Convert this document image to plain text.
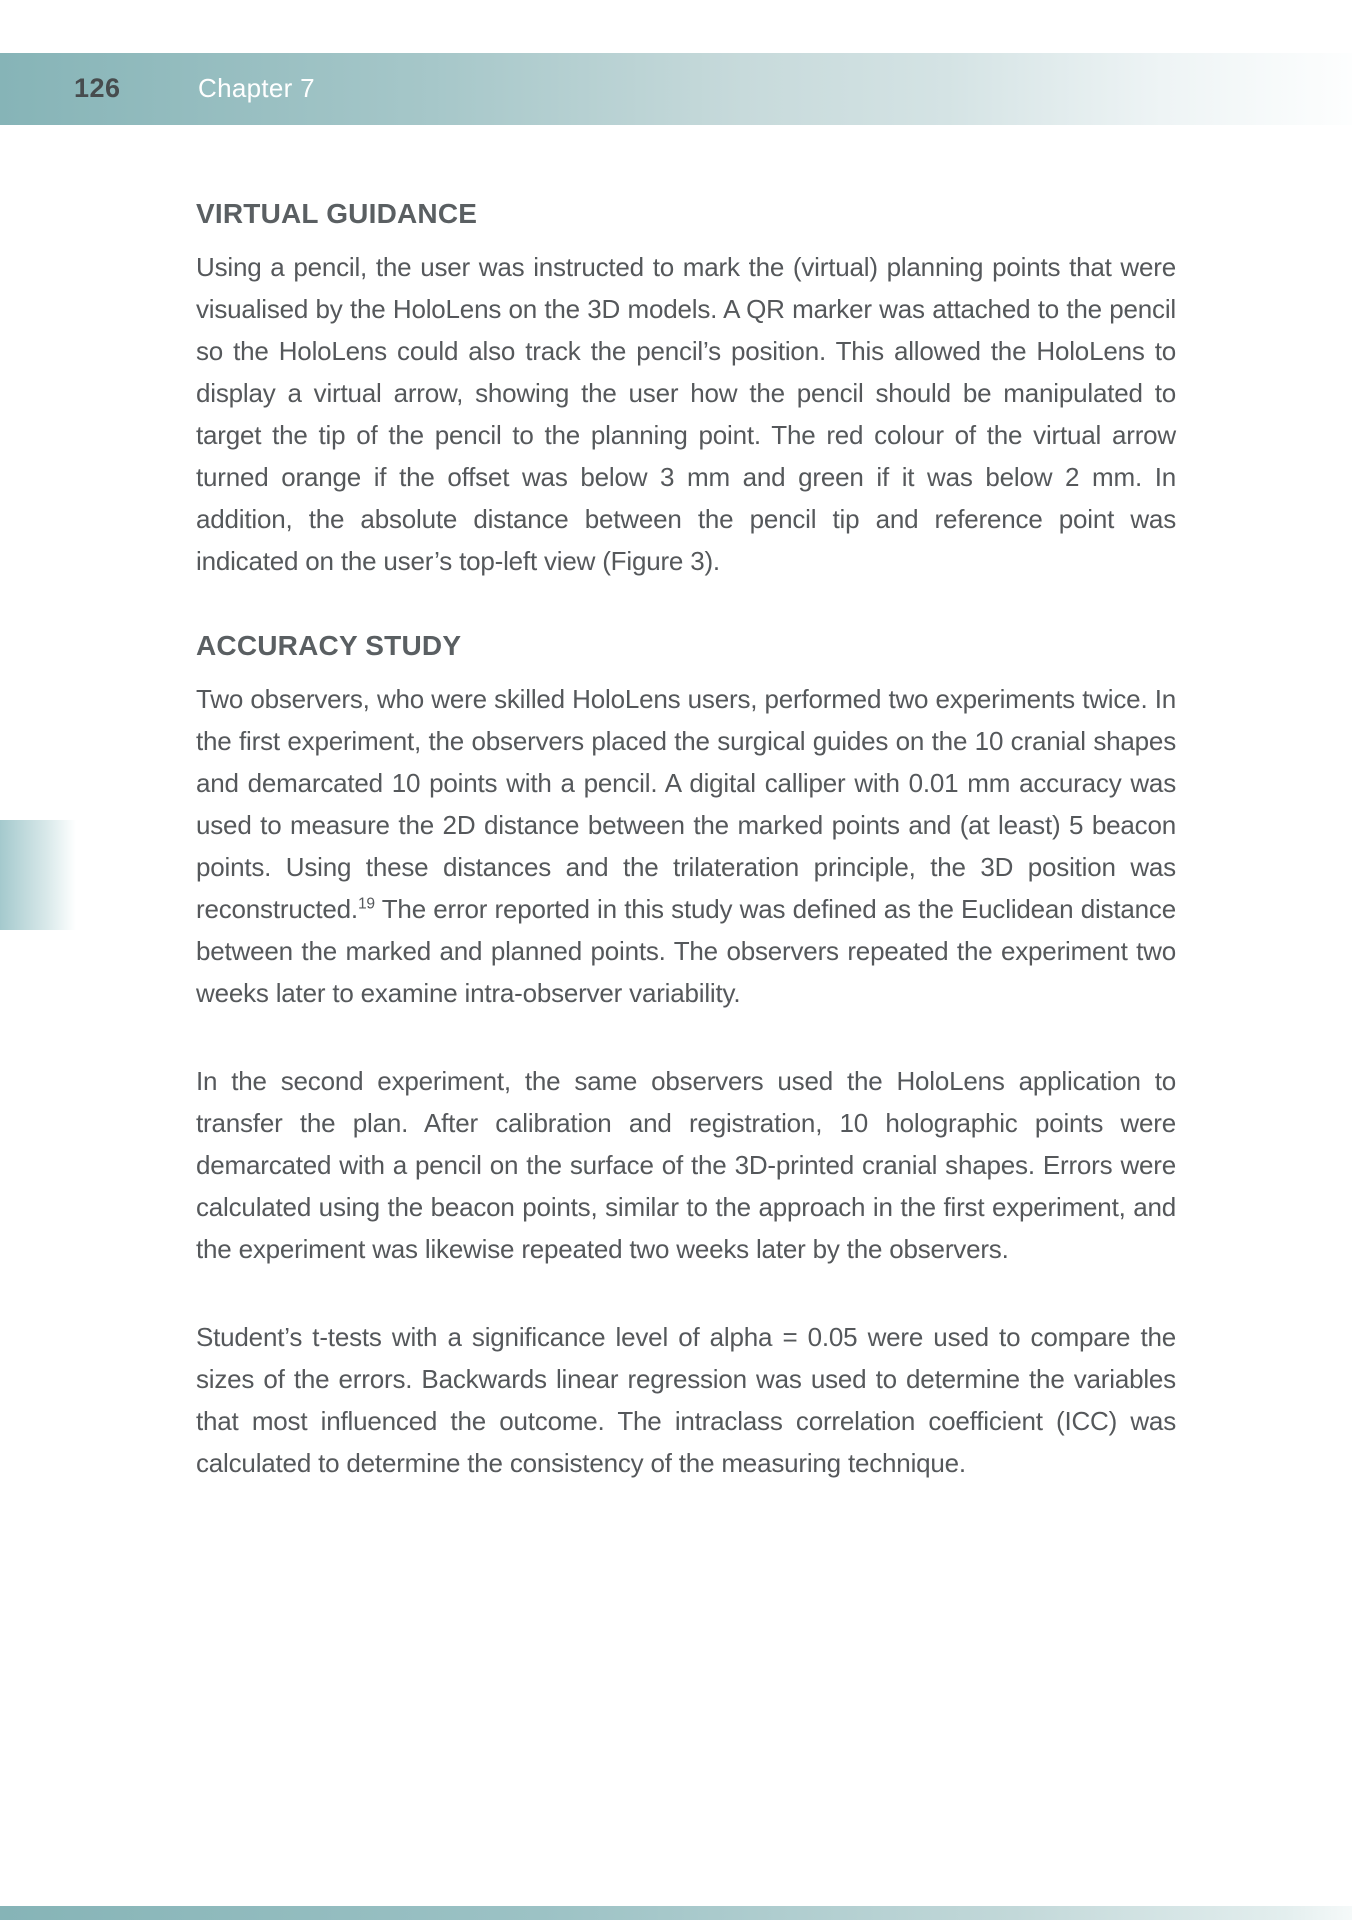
126	Chapter 7
VIRTUAL GUIDANCE

Using a pencil, the user was instructed to mark the (virtual) planning points that were visualised by the HoloLens on the 3D models. A QR marker was attached to the pencil so the HoloLens could also track the pencil’s position. This allowed the HoloLens to display a virtual arrow, showing the user how the pencil should be manipulated to target the tip of the pencil to the planning point. The red colour of the virtual arrow turned orange if the offset was below 3 mm and green if it was below 2 mm. In addition, the absolute distance between the pencil tip and reference point was indicated on the user’s top-left view (Figure 3).

ACCURACY STUDY

Two observers, who were skilled HoloLens users, performed two experiments twice. In the first experiment, the observers placed the surgical guides on the 10 cranial shapes and demarcated 10 points with a pencil. A digital calliper with 0.01 mm accuracy was used to measure the 2D distance between the marked points and (at least) 5 beacon points. Using these distances and the trilateration principle, the 3D position was reconstructed.$^{19}$ The error reported in this study was defined as the Euclidean distance between the marked and planned points. The observers repeated the experiment two weeks later to examine intra-observer variability.

In the second experiment, the same observers used the HoloLens application to transfer the plan. After calibration and registration, 10 holographic points were demarcated with a pencil on the surface of the 3D-printed cranial shapes. Errors were calculated using the beacon points, similar to the approach in the first experiment, and the experiment was likewise repeated two weeks later by the observers.

Student’s t-tests with a significance level of alpha = 0.05 were used to compare the sizes of the errors. Backwards linear regression was used to determine the variables that most influenced the outcome. The intraclass correlation coefficient (ICC) was calculated to determine the consistency of the measuring technique.
